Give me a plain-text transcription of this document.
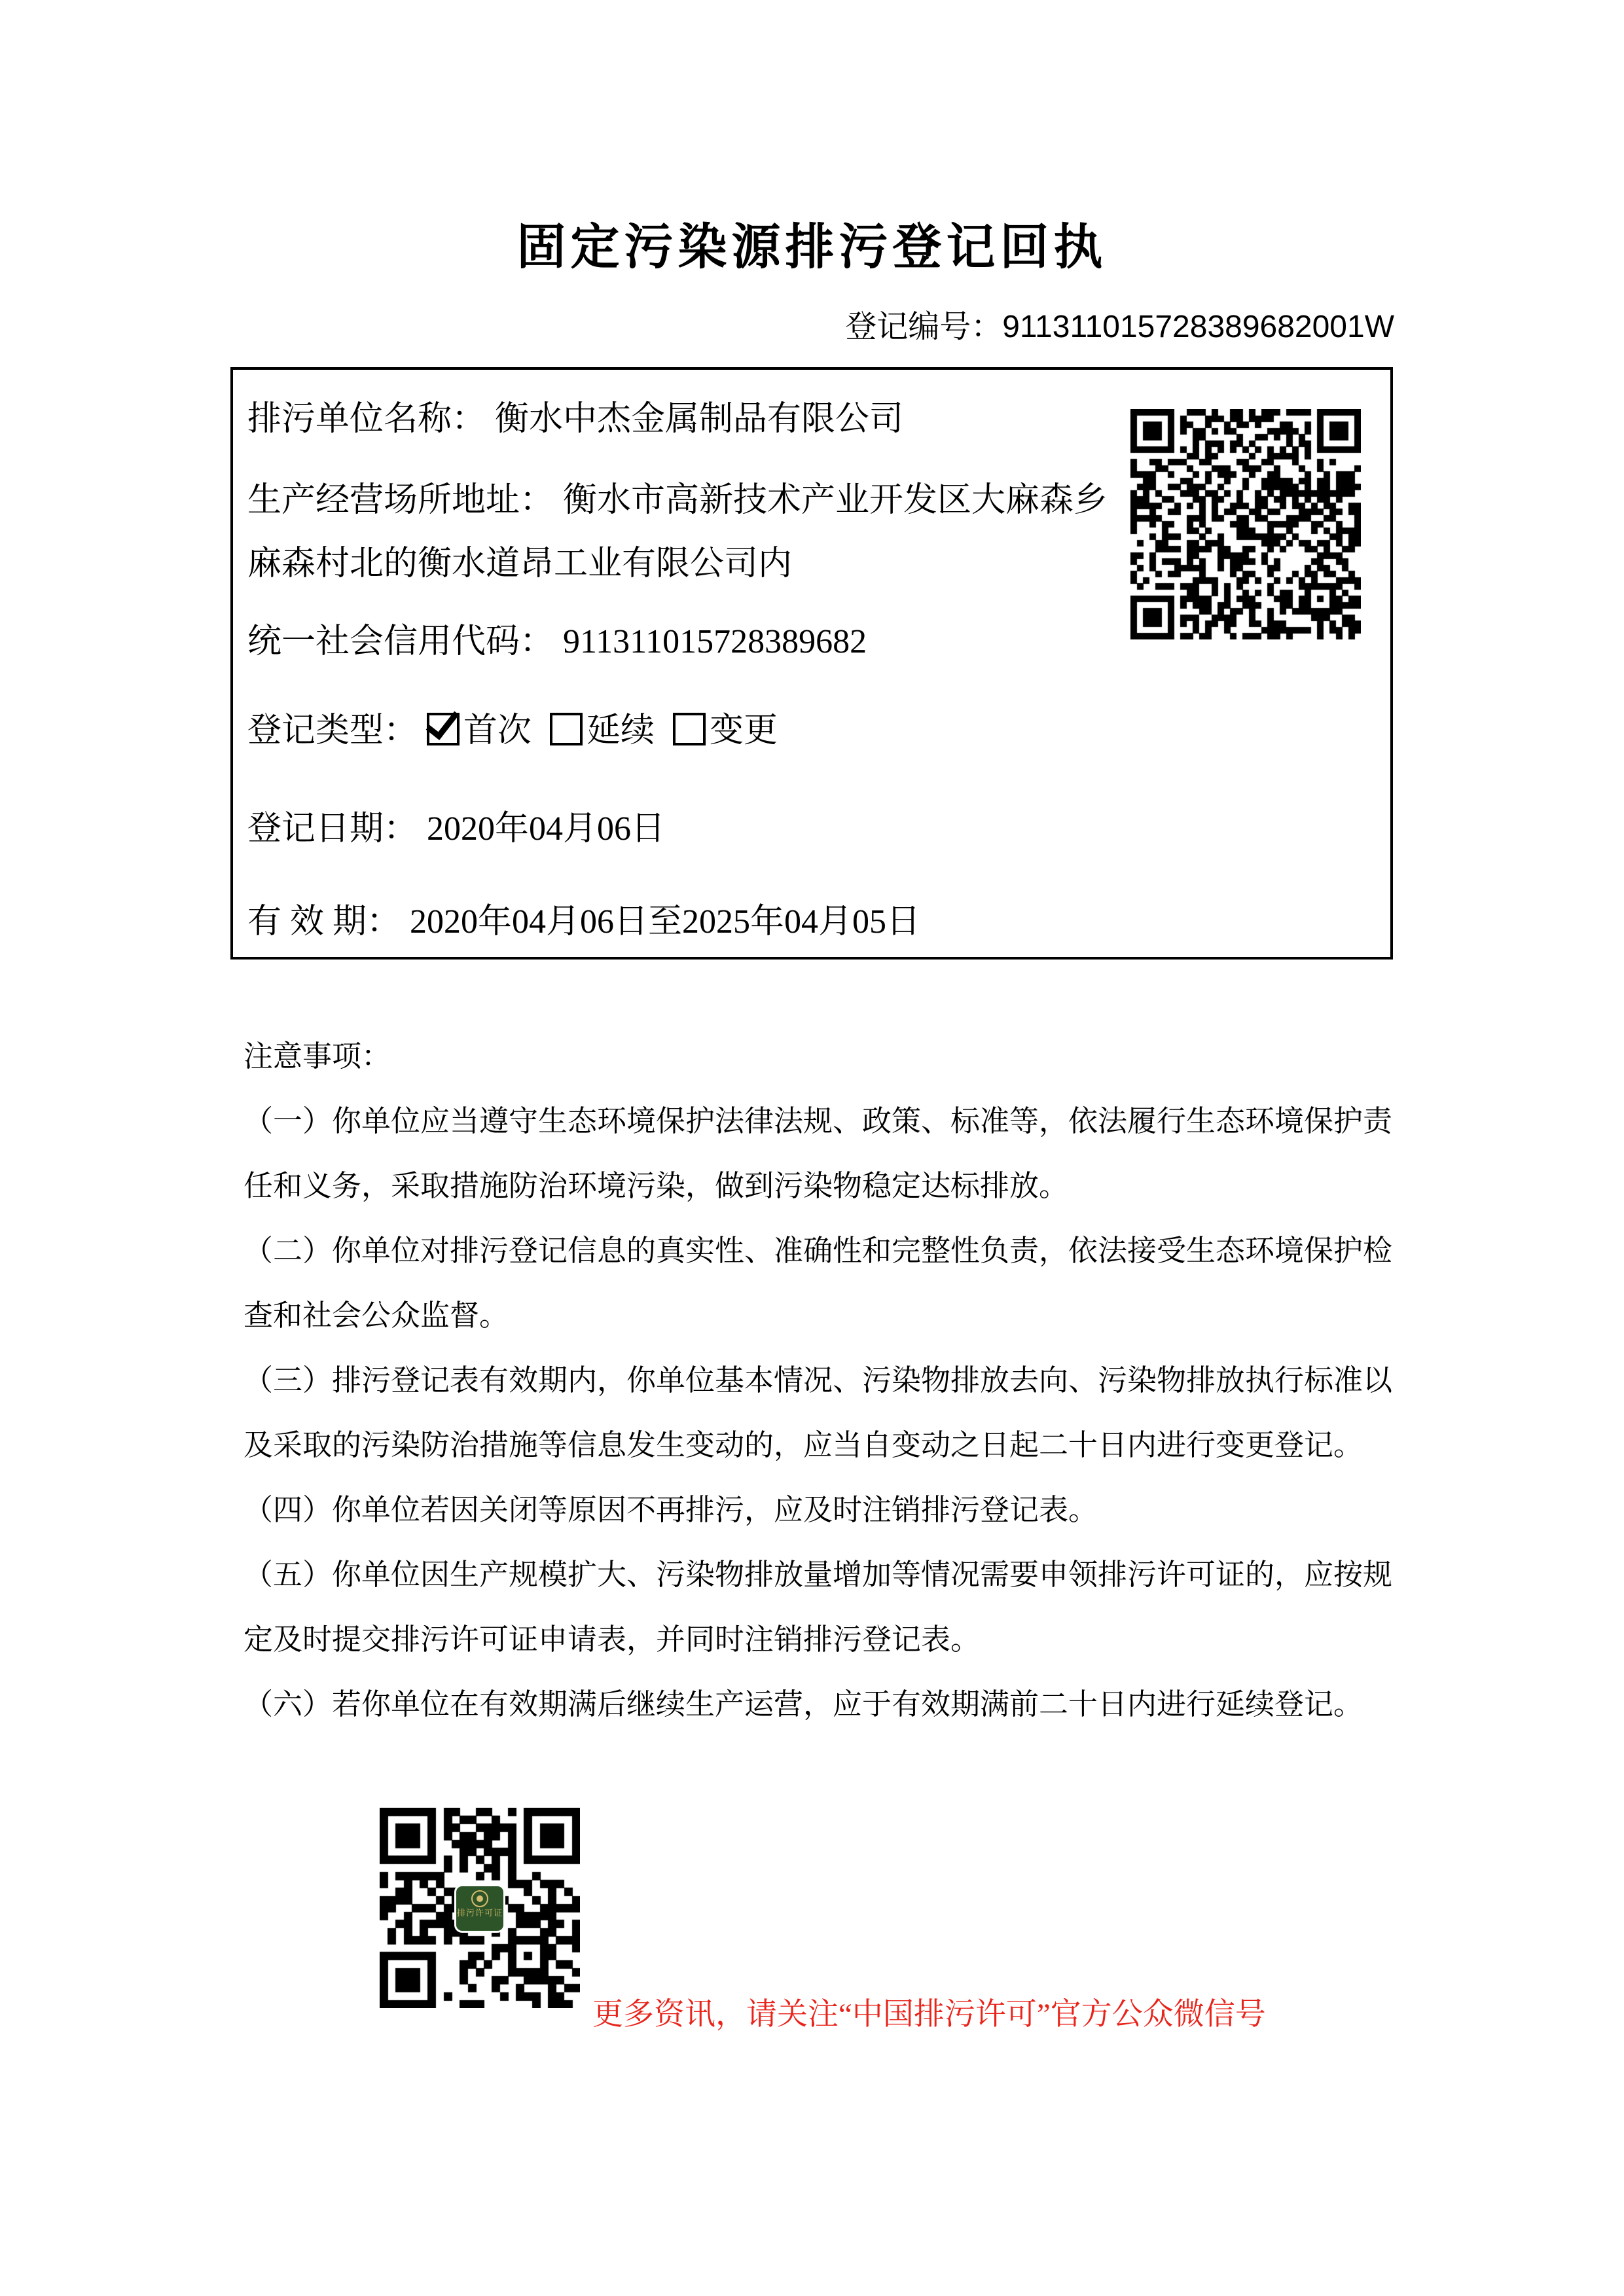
固定污染源排污登记回执
登记编号：911311015728389682001W
排污单位名称： 衡水中杰金属制品有限公司
生产经营场所地址： 衡水市高新技术产业开发区大麻森乡
麻森村北的衡水道昂工业有限公司内
统一社会信用代码： 911311015728389682
登记类型： 首次 延续 变更
登记日期： 2020年04月06日
有 效 期： 2020年04月06日至2025年04月05日
注意事项：
（一）你单位应当遵守生态环境保护法律法规、政策、标准等，依法履行生态环境保护责
任和义务，采取措施防治环境污染，做到污染物稳定达标排放。
（二）你单位对排污登记信息的真实性、准确性和完整性负责，依法接受生态环境保护检
查和社会公众监督。
（三）排污登记表有效期内，你单位基本情况、污染物排放去向、污染物排放执行标准以
及采取的污染防治措施等信息发生变动的，应当自变动之日起二十日内进行变更登记。
（四）你单位若因关闭等原因不再排污，应及时注销排污登记表。
（五）你单位因生产规模扩大、污染物排放量增加等情况需要申领排污许可证的，应按规
定及时提交排污许可证申请表，并同时注销排污登记表。
（六）若你单位在有效期满后继续生产运营，应于有效期满前二十日内进行延续登记。
排污许可证
更多资讯，请关注“中国排污许可”官方公众微信号
